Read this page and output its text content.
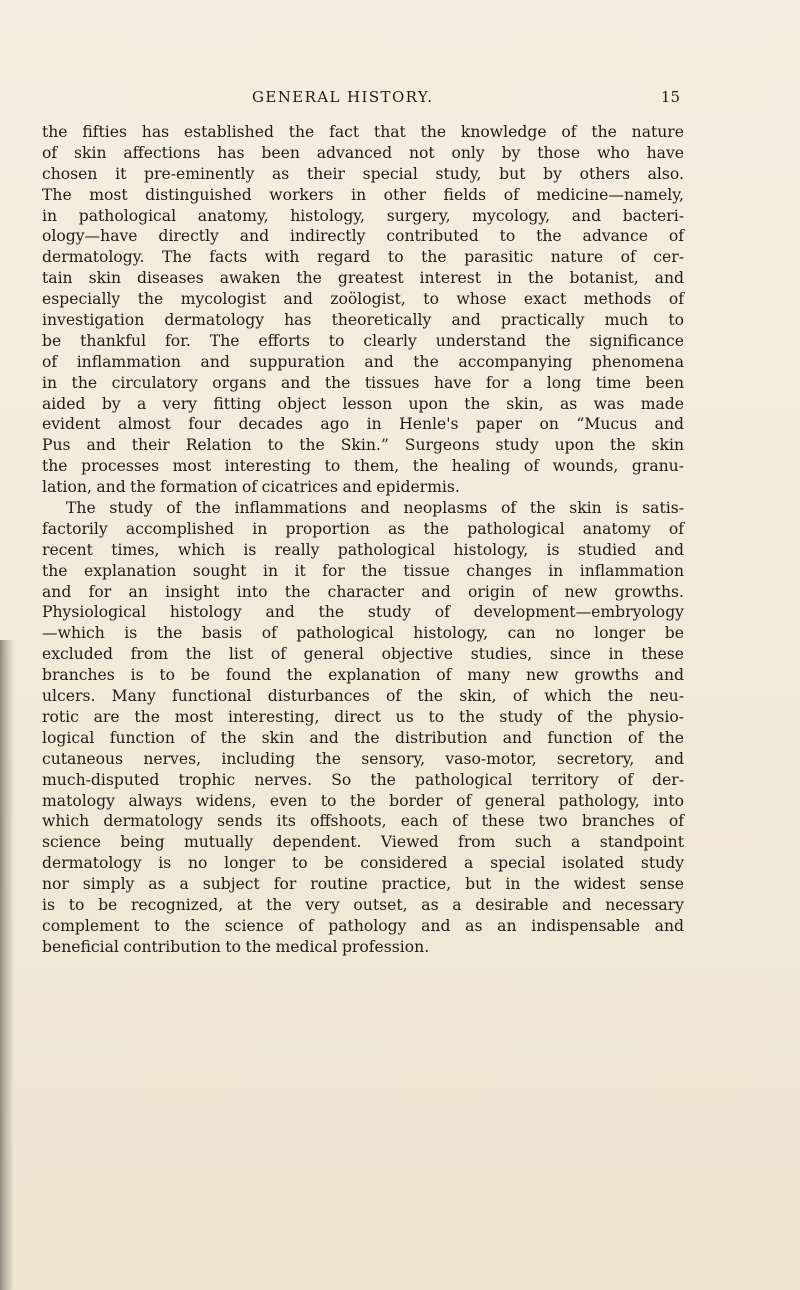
GENERAL HISTORY.	15
the fifties has established the fact that the knowledge of the nature
of skin affections has been advanced not only by those who have
chosen it pre-eminently as their special study, but by others also.
The most distinguished workers in other fields of medicine—namely,
in pathological anatomy, histology, surgery, mycology, and bacteri-
ology—have directly and indirectly contributed to the advance of
dermatology. The facts with regard to the parasitic nature of cer-
tain skin diseases awaken the greatest interest in the botanist, and
especially the mycologist and zoölogist, to whose exact methods of
investigation dermatology has theoretically and practically much to
be thankful for. The efforts to clearly understand the significance
of inflammation and suppuration and the accompanying phenomena
in the circulatory organs and the tissues have for a long time been
aided by a very fitting object lesson upon the skin, as was made
evident almost four decades ago in Henle's paper on “Mucus and
Pus and their Relation to the Skin.” Surgeons study upon the skin
the processes most interesting to them, the healing of wounds, granu-
lation, and the formation of cicatrices and epidermis.
The study of the inflammations and neoplasms of the skin is satis-
factorily accomplished in proportion as the pathological anatomy of
recent times, which is really pathological histology, is studied and
the explanation sought in it for the tissue changes in inflammation
and for an insight into the character and origin of new growths.
Physiological histology and the study of development—embryology
—which is the basis of pathological histology, can no longer be
excluded from the list of general objective studies, since in these
branches is to be found the explanation of many new growths and
ulcers. Many functional disturbances of the skin, of which the neu-
rotic are the most interesting, direct us to the study of the physio-
logical function of the skin and the distribution and function of the
cutaneous nerves, including the sensory, vaso-motor, secretory, and
much-disputed trophic nerves. So the pathological territory of der-
matology always widens, even to the border of general pathology, into
which dermatology sends its offshoots, each of these two branches of
science being mutually dependent. Viewed from such a standpoint
dermatology is no longer to be considered a special isolated study
nor simply as a subject for routine practice, but in the widest sense
is to be recognized, at the very outset, as a desirable and necessary
complement to the science of pathology and as an indispensable and
beneficial contribution to the medical profession.
